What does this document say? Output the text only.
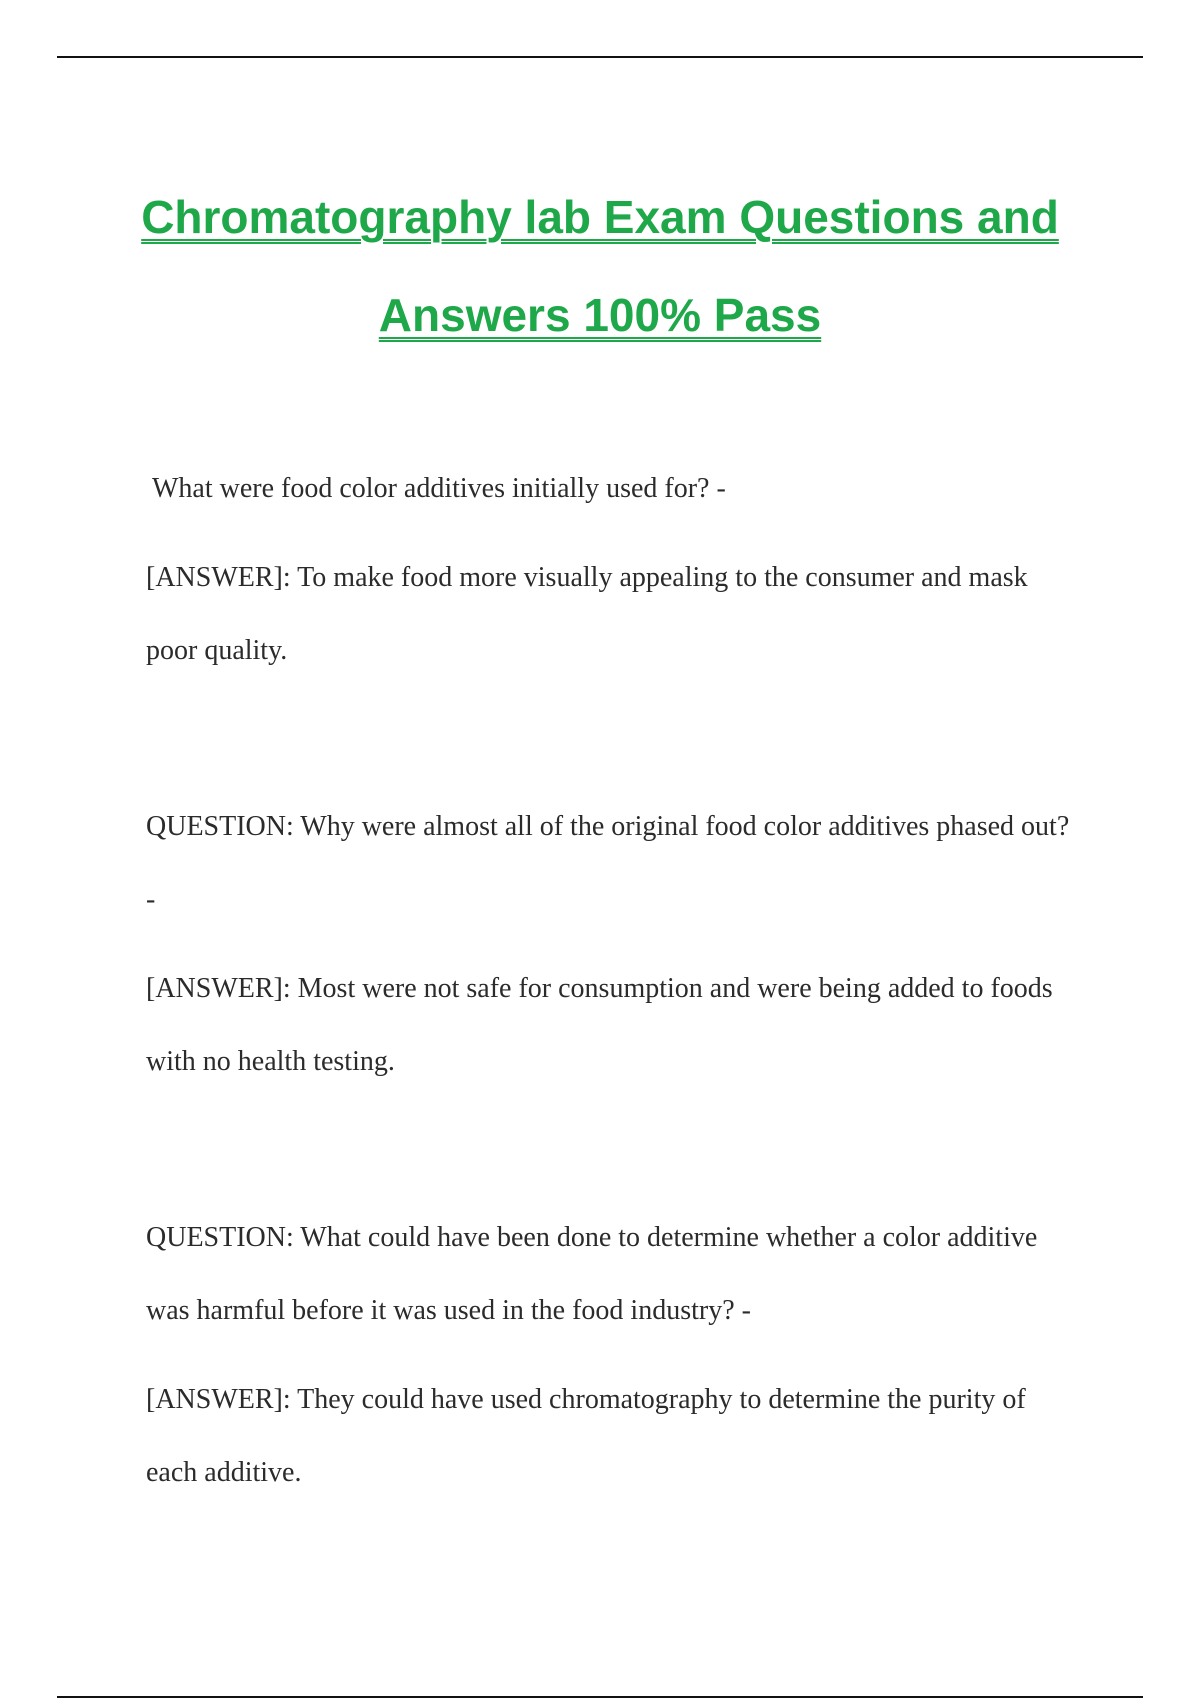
Chromatography lab Exam Questions and
Answers 100% Pass

What were food color additives initially used for? -

[ANSWER]: To make food more visually appealing to the consumer and mask poor quality.

QUESTION: Why were almost all of the original food color additives phased out? -

[ANSWER]: Most were not safe for consumption and were being added to foods with no health testing.

QUESTION: What could have been done to determine whether a color additive was harmful before it was used in the food industry? -

[ANSWER]: They could have used chromatography to determine the purity of each additive.
